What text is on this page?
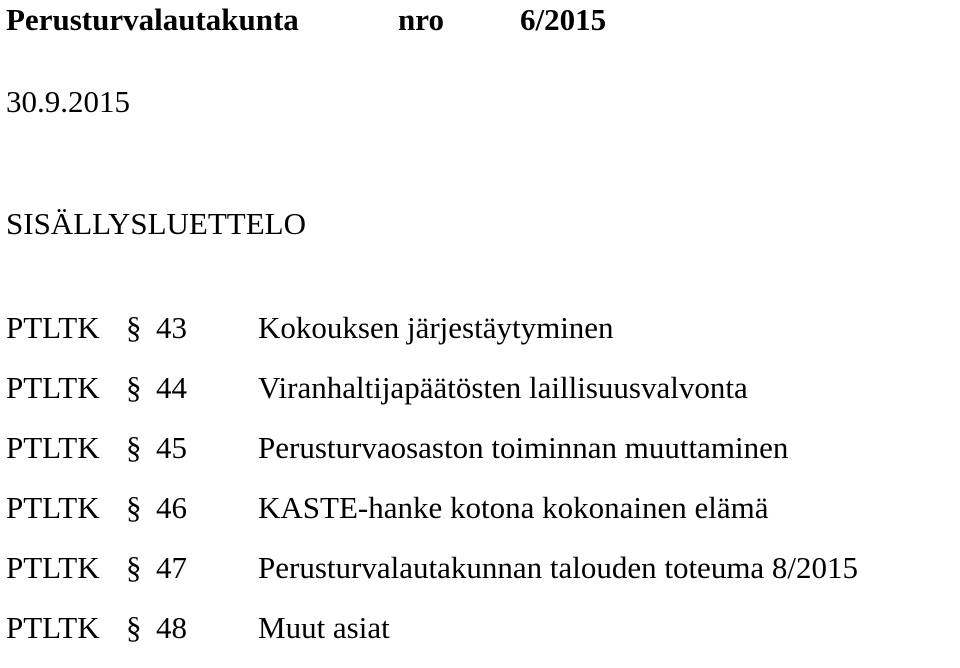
Perusturvalautakunta	nro 6/2015
30.9.2015
SISÄLLYSLUETTELO
PTLTK § 43 Kokouksen järjestäytyminen
PTLTK § 44 Viranhaltijapäätösten laillisuusvalvonta
PTLTK § 45 Perusturvaosaston toiminnan muuttaminen
PTLTK § 46 KASTE-hanke kotona kokonainen elämä
PTLTK § 47 Perusturvalautakunnan talouden toteuma 8/2015
PTLTK § 48 Muut asiat
